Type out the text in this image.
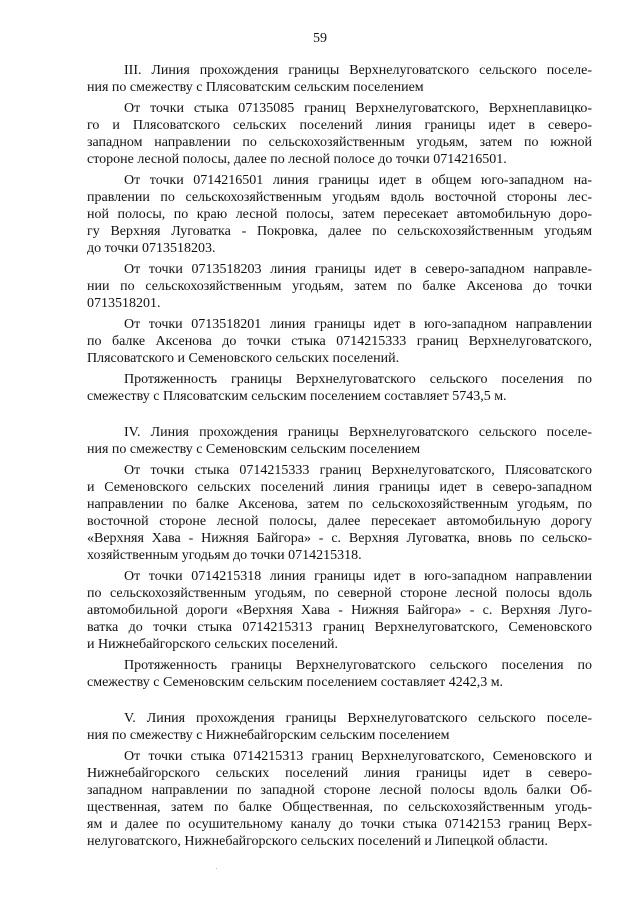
59
III. Линия прохождения границы Верхнелуговатского сельского поселе-
ния по смежеству с Плясоватским сельским поселением
От точки стыка 07135085 границ Верхнелуговатского, Верхнеплавицко-
го и Плясоватского сельских поселений линия границы идет в северо-
западном направлении по сельскохозяйственным угодьям, затем по южной
стороне лесной полосы, далее по лесной полосе до точки 0714216501.
От точки 0714216501 линия границы идет в общем юго-западном на-
правлении по сельскохозяйственным угодьям вдоль восточной стороны лес-
ной полосы, по краю лесной полосы, затем пересекает автомобильную доро-
гу Верхняя Луговатка - Покровка, далее по сельскохозяйственным угодьям
до точки 0713518203.
От точки 0713518203 линия границы идет в северо-западном направле-
нии по сельскохозяйственным угодьям, затем по балке Аксенова до точки
0713518201.
От точки 0713518201 линия границы идет в юго-западном направлении
по балке Аксенова до точки стыка 0714215333 границ Верхнелуговатского,
Плясоватского и Семеновского сельских поселений.
Протяженность границы Верхнелуговатского сельского поселения по
смежеству с Плясоватским сельским поселением составляет 5743,5 м.
IV. Линия прохождения границы Верхнелуговатского сельского поселе-
ния по смежеству с Семеновским сельским поселением
От точки стыка 0714215333 границ Верхнелуговатского, Плясоватского
и Семеновского сельских поселений линия границы идет в северо-западном
направлении по балке Аксенова, затем по сельскохозяйственным угодьям, по
восточной стороне лесной полосы, далее пересекает автомобильную дорогу
«Верхняя Хава - Нижняя Байгора» - с. Верхняя Луговатка, вновь по сельско-
хозяйственным угодьям до точки 0714215318.
От точки 0714215318 линия границы идет в юго-западном направлении
по сельскохозяйственным угодьям, по северной стороне лесной полосы вдоль
автомобильной дороги «Верхняя Хава - Нижняя Байгора» - с. Верхняя Луго-
ватка до точки стыка 0714215313 границ Верхнелуговатского, Семеновского
и Нижнебайгорского сельских поселений.
Протяженность границы Верхнелуговатского сельского поселения по
смежеству с Семеновским сельским поселением составляет 4242,3 м.
V. Линия прохождения границы Верхнелуговатского сельского поселе-
ния по смежеству с Нижнебайгорским сельским поселением
От точки стыка 0714215313 границ Верхнелуговатского, Семеновского и
Нижнебайгорского сельских поселений линия границы идет в северо-
западном направлении по западной стороне лесной полосы вдоль балки Об-
щественная, затем по балке Общественная, по сельскохозяйственным угодь-
ям и далее по осушительному каналу до точки стыка 07142153 границ Верх-
нелуговатского, Нижнебайгорского сельских поселений и Липецкой области.
